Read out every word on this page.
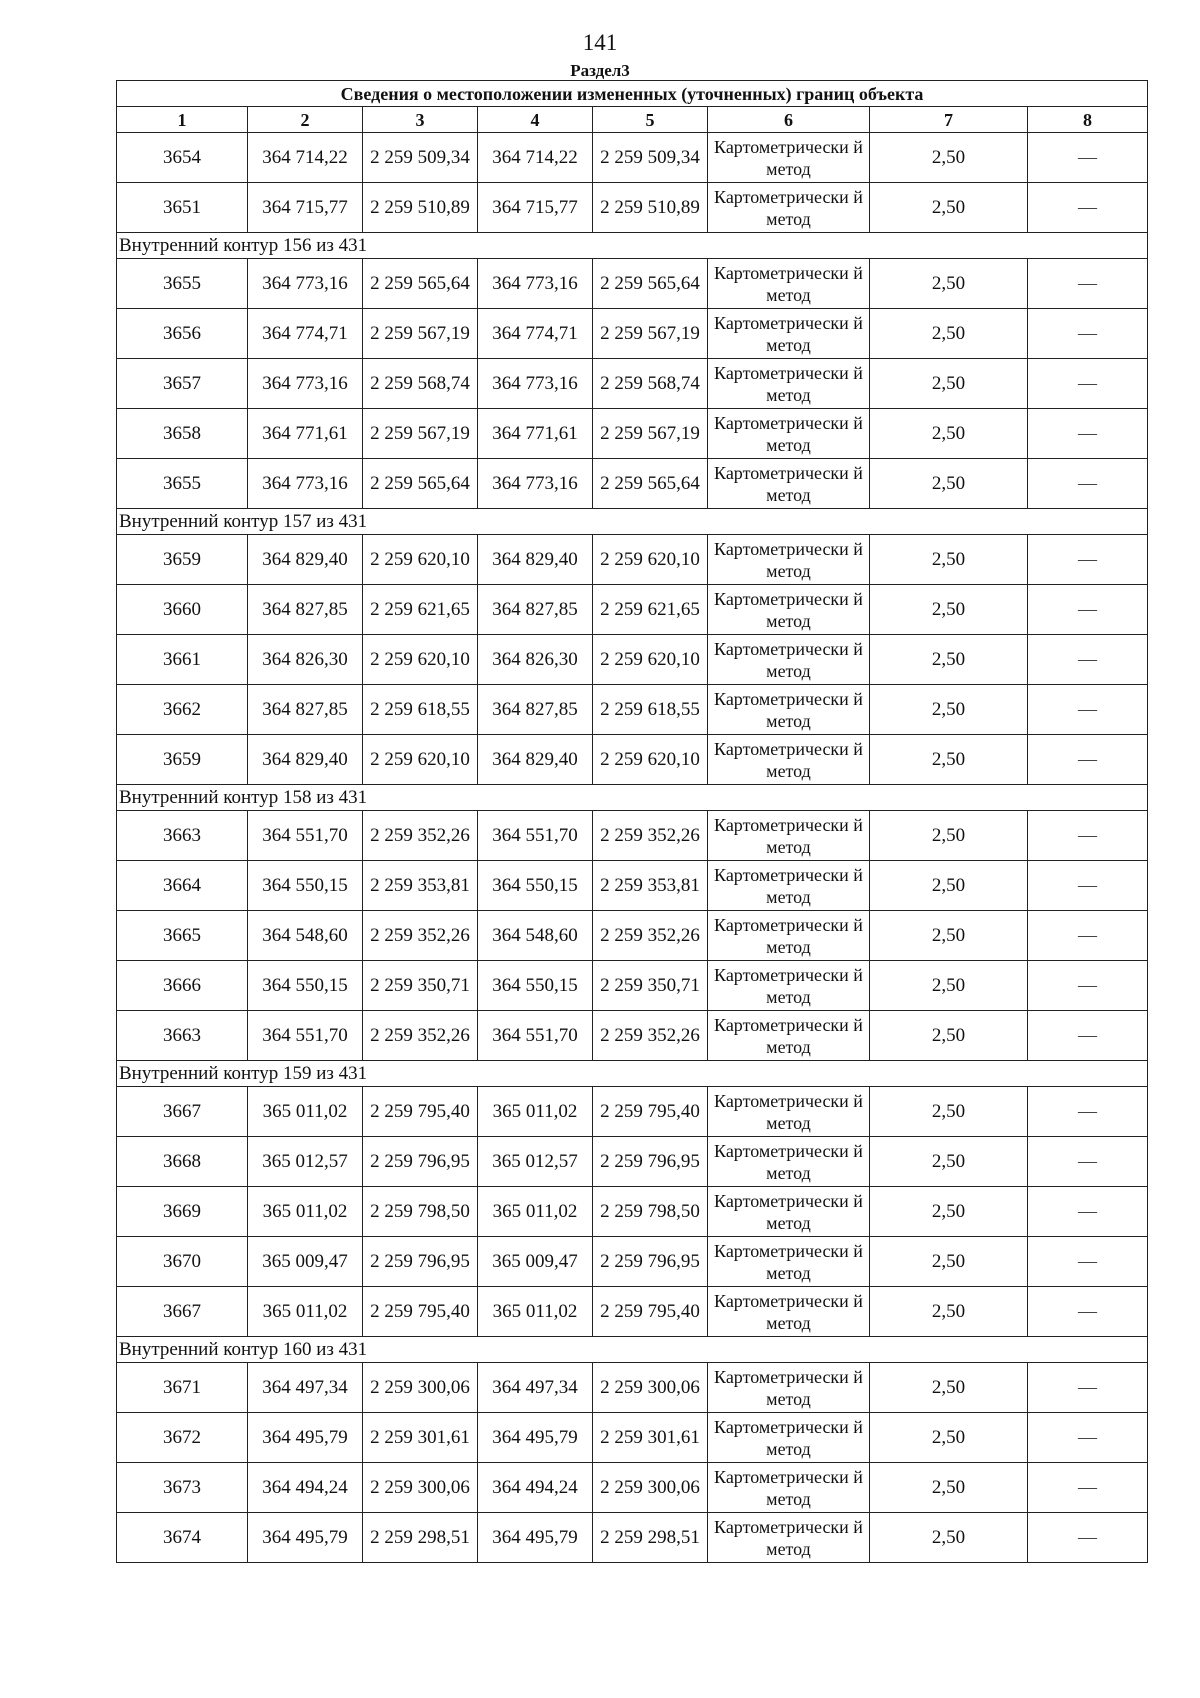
141
Раздел3
Сведения о местоположении измененных (уточненных) границ объекта							
1	2	3	4	5	6	7	8
3654	364 714,22	2 259 509,34	364 714,22	2 259 509,34	Картометрически й метод	2,50	—
3651	364 715,77	2 259 510,89	364 715,77	2 259 510,89	Картометрически й метод	2,50	—
Внутренний контур 156 из 431							
3655	364 773,16	2 259 565,64	364 773,16	2 259 565,64	Картометрически й метод	2,50	—
3656	364 774,71	2 259 567,19	364 774,71	2 259 567,19	Картометрически й метод	2,50	—
3657	364 773,16	2 259 568,74	364 773,16	2 259 568,74	Картометрически й метод	2,50	—
3658	364 771,61	2 259 567,19	364 771,61	2 259 567,19	Картометрически й метод	2,50	—
3655	364 773,16	2 259 565,64	364 773,16	2 259 565,64	Картометрически й метод	2,50	—
Внутренний контур 157 из 431							
3659	364 829,40	2 259 620,10	364 829,40	2 259 620,10	Картометрически й метод	2,50	—
3660	364 827,85	2 259 621,65	364 827,85	2 259 621,65	Картометрически й метод	2,50	—
3661	364 826,30	2 259 620,10	364 826,30	2 259 620,10	Картометрически й метод	2,50	—
3662	364 827,85	2 259 618,55	364 827,85	2 259 618,55	Картометрически й метод	2,50	—
3659	364 829,40	2 259 620,10	364 829,40	2 259 620,10	Картометрически й метод	2,50	—
Внутренний контур 158 из 431							
3663	364 551,70	2 259 352,26	364 551,70	2 259 352,26	Картометрически й метод	2,50	—
3664	364 550,15	2 259 353,81	364 550,15	2 259 353,81	Картометрически й метод	2,50	—
3665	364 548,60	2 259 352,26	364 548,60	2 259 352,26	Картометрически й метод	2,50	—
3666	364 550,15	2 259 350,71	364 550,15	2 259 350,71	Картометрически й метод	2,50	—
3663	364 551,70	2 259 352,26	364 551,70	2 259 352,26	Картометрически й метод	2,50	—
Внутренний контур 159 из 431							
3667	365 011,02	2 259 795,40	365 011,02	2 259 795,40	Картометрически й метод	2,50	—
3668	365 012,57	2 259 796,95	365 012,57	2 259 796,95	Картометрически й метод	2,50	—
3669	365 011,02	2 259 798,50	365 011,02	2 259 798,50	Картометрически й метод	2,50	—
3670	365 009,47	2 259 796,95	365 009,47	2 259 796,95	Картометрически й метод	2,50	—
3667	365 011,02	2 259 795,40	365 011,02	2 259 795,40	Картометрически й метод	2,50	—
Внутренний контур 160 из 431							
3671	364 497,34	2 259 300,06	364 497,34	2 259 300,06	Картометрически й метод	2,50	—
3672	364 495,79	2 259 301,61	364 495,79	2 259 301,61	Картометрически й метод	2,50	—
3673	364 494,24	2 259 300,06	364 494,24	2 259 300,06	Картометрически й метод	2,50	—
3674	364 495,79	2 259 298,51	364 495,79	2 259 298,51	Картометрически й метод	2,50	—
